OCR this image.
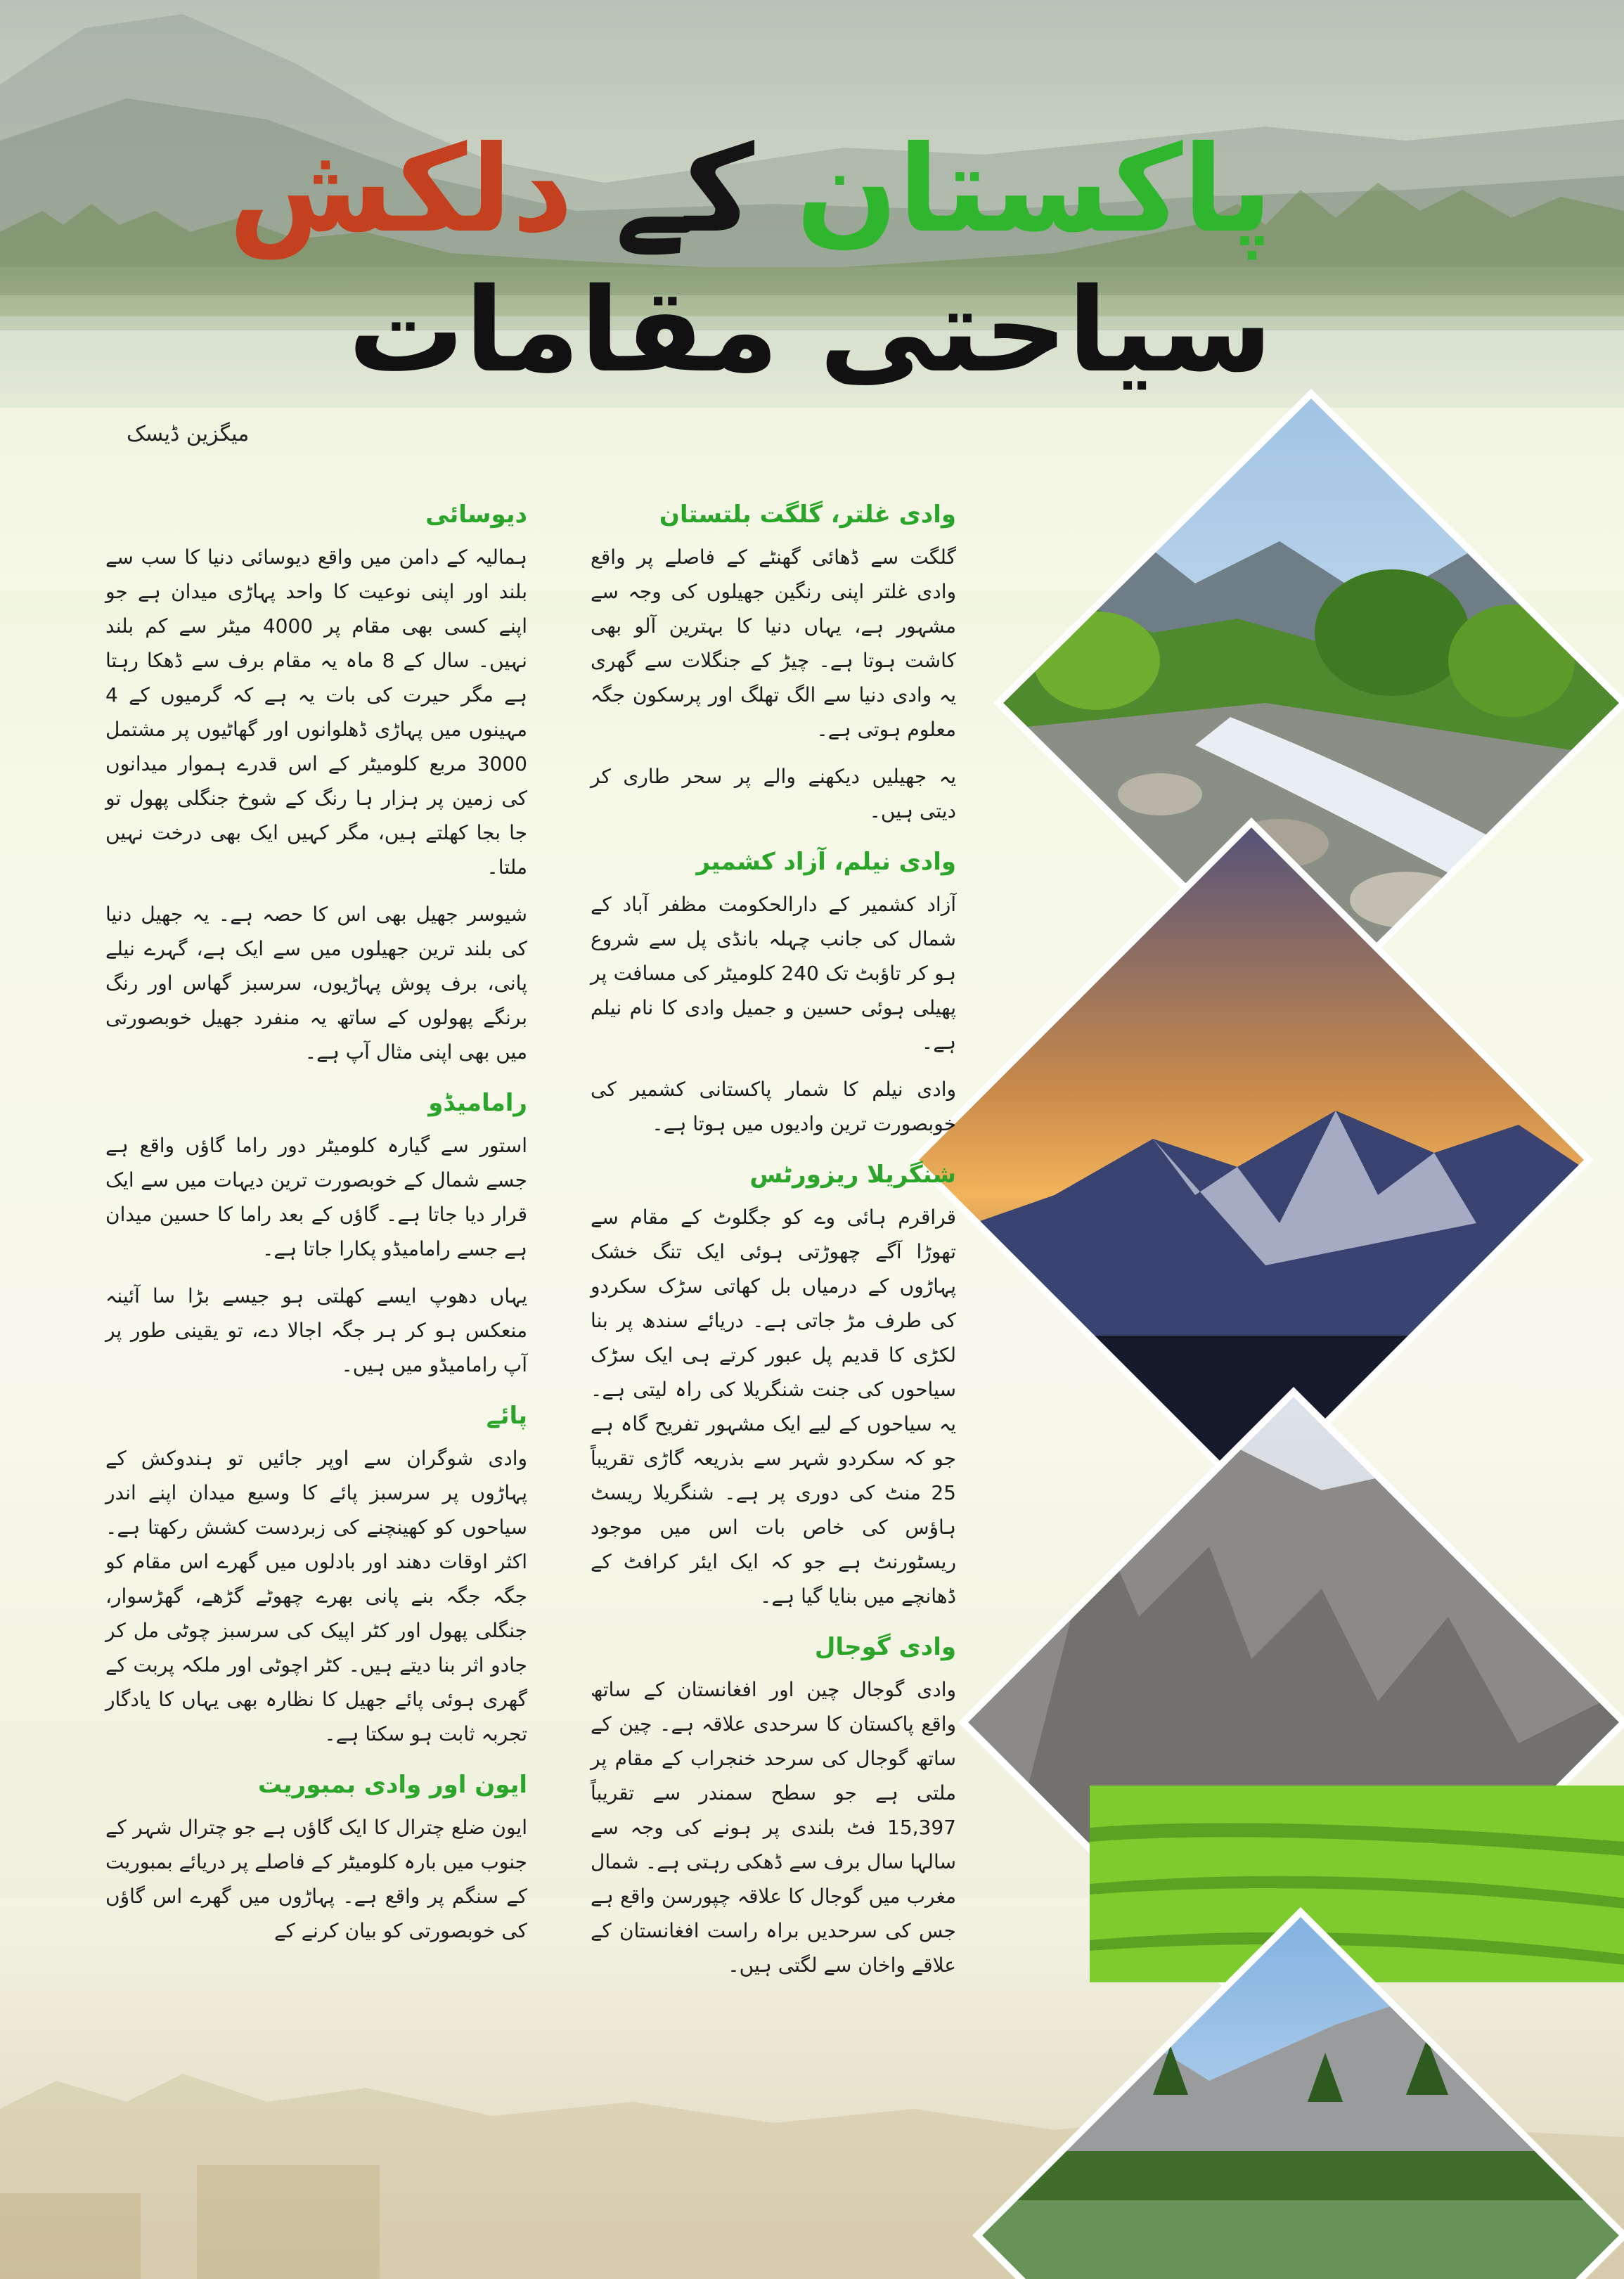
پاکستان کے دلکش
سیاحتی مقامات
میگزین ڈیسک
دیوسائی

ہمالیہ کے دامن میں واقع دیوسائی دنیا کا سب سے بلند اور اپنی نوعیت کا واحد پہاڑی میدان ہے جو اپنے کسی بھی مقام پر 4000 میٹر سے کم بلند نہیں۔ سال کے 8 ماہ یہ مقام برف سے ڈھکا رہتا ہے مگر حیرت کی بات یہ ہے کہ گرمیوں کے 4 مہینوں میں پہاڑی ڈھلوانوں اور گھاٹیوں پر مشتمل 3000 مربع کلومیٹر کے اس قدرے ہموار میدانوں کی زمین پر ہزار ہا رنگ کے شوخ جنگلی پھول تو جا بجا کھلتے ہیں، مگر کہیں ایک بھی درخت نہیں ملتا۔

شیوسر جھیل بھی اس کا حصہ ہے۔ یہ جھیل دنیا کی بلند ترین جھیلوں میں سے ایک ہے، گہرے نیلے پانی، برف پوش پہاڑیوں، سرسبز گھاس اور رنگ برنگے پھولوں کے ساتھ یہ منفرد جھیل خوبصورتی میں بھی اپنی مثال آپ ہے۔

رامامیڈو

استور سے گیارہ کلومیٹر دور راما گاؤں واقع ہے جسے شمال کے خوبصورت ترین دیہات میں سے ایک قرار دیا جاتا ہے۔ گاؤں کے بعد راما کا حسین میدان ہے جسے رامامیڈو پکارا جاتا ہے۔

یہاں دھوپ ایسے کھلتی ہو جیسے بڑا سا آئینہ منعکس ہو کر ہر جگہ اجالا دے، تو یقینی طور پر آپ رامامیڈو میں ہیں۔

پائے

وادی شوگران سے اوپر جائیں تو ہندوکش کے پہاڑوں پر سرسبز پائے کا وسیع میدان اپنے اندر سیاحوں کو کھینچنے کی زبردست کشش رکھتا ہے۔ اکثر اوقات دھند اور بادلوں میں گھرے اس مقام کو جگہ جگہ بنے پانی بھرے چھوٹے گڑھے، گھڑسوار، جنگلی پھول اور کٹر اپیک کی سرسبز چوٹی مل کر جادو اثر بنا دیتے ہیں۔ کٹر اچوٹی اور ملکہ پربت کے گھری ہوئی پائے جھیل کا نظارہ بھی یہاں کا یادگار تجربہ ثابت ہو سکتا ہے۔

ایون اور وادی بمبوریت

ایون ضلع چترال کا ایک گاؤں ہے جو چترال شہر کے جنوب میں بارہ کلومیٹر کے فاصلے پر دریائے بمبوریت کے سنگم پر واقع ہے۔ پہاڑوں میں گھرے اس گاؤں کی خوبصورتی کو بیان کرنے کے

وادی غلتر، گلگت بلتستان

گلگت سے ڈھائی گھنٹے کے فاصلے پر واقع وادی غلتر اپنی رنگین جھیلوں کی وجہ سے مشہور ہے، یہاں دنیا کا بہترین آلو بھی کاشت ہوتا ہے۔ چیڑ کے جنگلات سے گھری یہ وادی دنیا سے الگ تھلگ اور پرسکون جگہ معلوم ہوتی ہے۔

یہ جھیلیں دیکھنے والے پر سحر طاری کر دیتی ہیں۔

وادی نیلم، آزاد کشمیر

آزاد کشمیر کے دارالحکومت مظفر آباد کے شمال کی جانب چہلہ بانڈی پل سے شروع ہو کر تاؤبٹ تک 240 کلومیٹر کی مسافت پر پھیلی ہوئی حسین و جمیل وادی کا نام نیلم ہے۔

وادی نیلم کا شمار پاکستانی کشمیر کی خوبصورت ترین وادیوں میں ہوتا ہے۔

شنگریلا ریزورٹس

قراقرم ہائی وے کو جگلوٹ کے مقام سے تھوڑا آگے چھوڑتی ہوئی ایک تنگ خشک پہاڑوں کے درمیاں بل کھاتی سڑک سکردو کی طرف مڑ جاتی ہے۔ دریائے سندھ پر بنا لکڑی کا قدیم پل عبور کرتے ہی ایک سڑک سیاحوں کی جنت شنگریلا کی راہ لیتی ہے۔ یہ سیاحوں کے لیے ایک مشہور تفریح گاہ ہے جو کہ سکردو شہر سے بذریعہ گاڑی تقریباً 25 منٹ کی دوری پر ہے۔ شنگریلا ریسٹ ہاؤس کی خاص بات اس میں موجود ریسٹورنٹ ہے جو کہ ایک ایئر کرافٹ کے ڈھانچے میں بنایا گیا ہے۔

وادی گوجال

وادی گوجال چین اور افغانستان کے ساتھ واقع پاکستان کا سرحدی علاقہ ہے۔ چین کے ساتھ گوجال کی سرحد خنجراب کے مقام پر ملتی ہے جو سطح سمندر سے تقریباً 15,397 فٹ بلندی پر ہونے کی وجہ سے سالہا سال برف سے ڈھکی رہتی ہے۔ شمال مغرب میں گوجال کا علاقہ چپورسن واقع ہے جس کی سرحدیں براہ راست افغانستان کے علاقے واخان سے لگتی ہیں۔
